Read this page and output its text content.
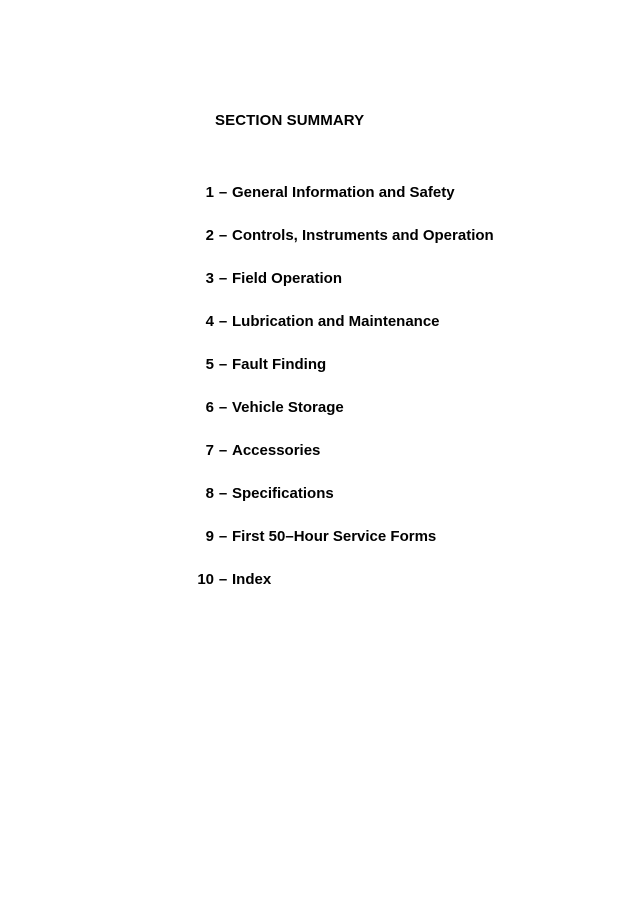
SECTION SUMMARY
1 – General Information and Safety
2 – Controls, Instruments and Operation
3 – Field Operation
4 – Lubrication and Maintenance
5 – Fault Finding
6 – Vehicle Storage
7 – Accessories
8 – Specifications
9 – First 50–Hour Service Forms
10 – Index
